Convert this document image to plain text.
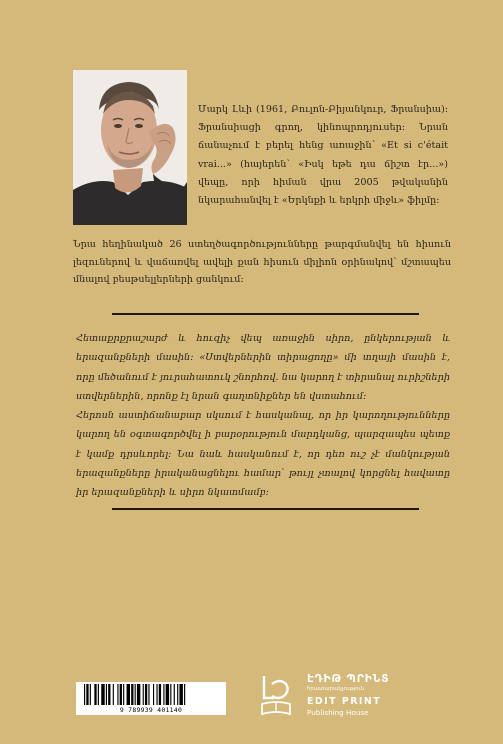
Մարկ Լևի (1961, Բուլոն-Բիյանկուր, Ֆրանսիա)։ Ֆրանսիացի գրող, կինոպրոդյուսեր։ Նրան ճանաչում է բերել հենց առաջին՝ «Et si c'était vrai...» (հայերեն՝ «Իսկ եթե դա ճիշտ էր...») վեպը, որի հիման վրա 2005 թվականին նկարահանվել է «Երկնքի և երկրի միջև» ֆիլմը։
Նրա հեղինակած 26 ստեղծագործությունները թարգմանվել են հիսուն լեզուներով և վաճառվել ավելի քան հիսուն միլիոն օրինակով՝ մշտապես մնալով բեսթսելլերների ցանկում։

Հետաքրքրաշարժ և հուզիչ վեպ առաջին սիրո, ընկերության և երազանքների մասին։ «Ստվերներին տիրացողը» մի տղայի մասին է, որը մեծանում է յուրահատուկ շնորհով. նա կարող է տիրանալ ուրիշների ստվերներին, որոնք էլ նրան գաղտնիքներ են վստահում։

Հերոսն աստիճանաբար սկսում է հասկանալ, որ իր կարողությունները կարող են օգտագործվել ի բարօրություն մարդկանց, պարզապես պետք է կամք դրսևորել։ Նա նաև հասկանում է, որ դեռ ուշ չէ մանկության երազանքները իրականացնելու համար՝ թույլ չտալով կորցնել հավատը իր երազանքների և սիրո նկատմամբ։

9 789939 401140
ԷԴԻԹ ՊՐԻՆՏ
հրատարակչություն
EDIT PRINT
Publishing House
